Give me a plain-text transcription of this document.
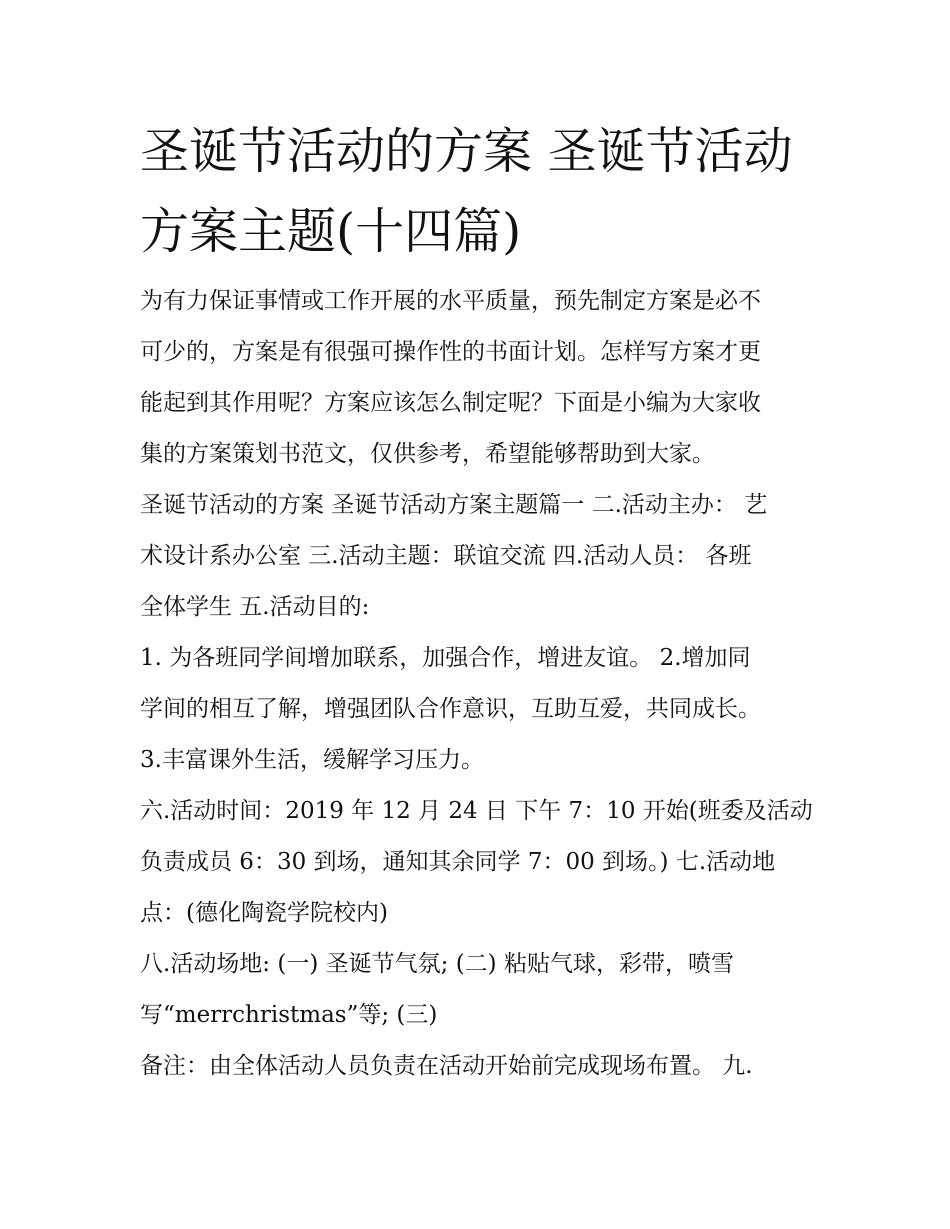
圣诞节活动的方案 圣诞节活动
方案主题(十四篇)
为有力保证事情或工作开展的水平质量，预先制定方案是必不
可少的，方案是有很强可操作性的书面计划。怎样写方案才更
能起到其作用呢？方案应该怎么制定呢？下面是小编为大家收
集的方案策划书范文，仅供参考，希望能够帮助到大家。
圣诞节活动的方案 圣诞节活动方案主题篇一 二.活动主办： 艺
术设计系办公室 三.活动主题：联谊交流 四.活动人员： 各班
全体学生 五.活动目的:
1. 为各班同学间增加联系，加强合作，增进友谊。 2.增加同
学间的相互了解，增强团队合作意识，互助互爱，共同成长。
3.丰富课外生活，缓解学习压力。
六.活动时间：2019 年 12 月 24 日 下午 7：10 开始(班委及活动
负责成员 6：30 到场，通知其余同学 7：00 到场。) 七.活动地
点：(德化陶瓷学院校内)
八.活动场地: (一) 圣诞节气氛; (二) 粘贴气球，彩带，喷雪
写“merrchristmas”等; (三)
备注：由全体活动人员负责在活动开始前完成现场布置。 九.
